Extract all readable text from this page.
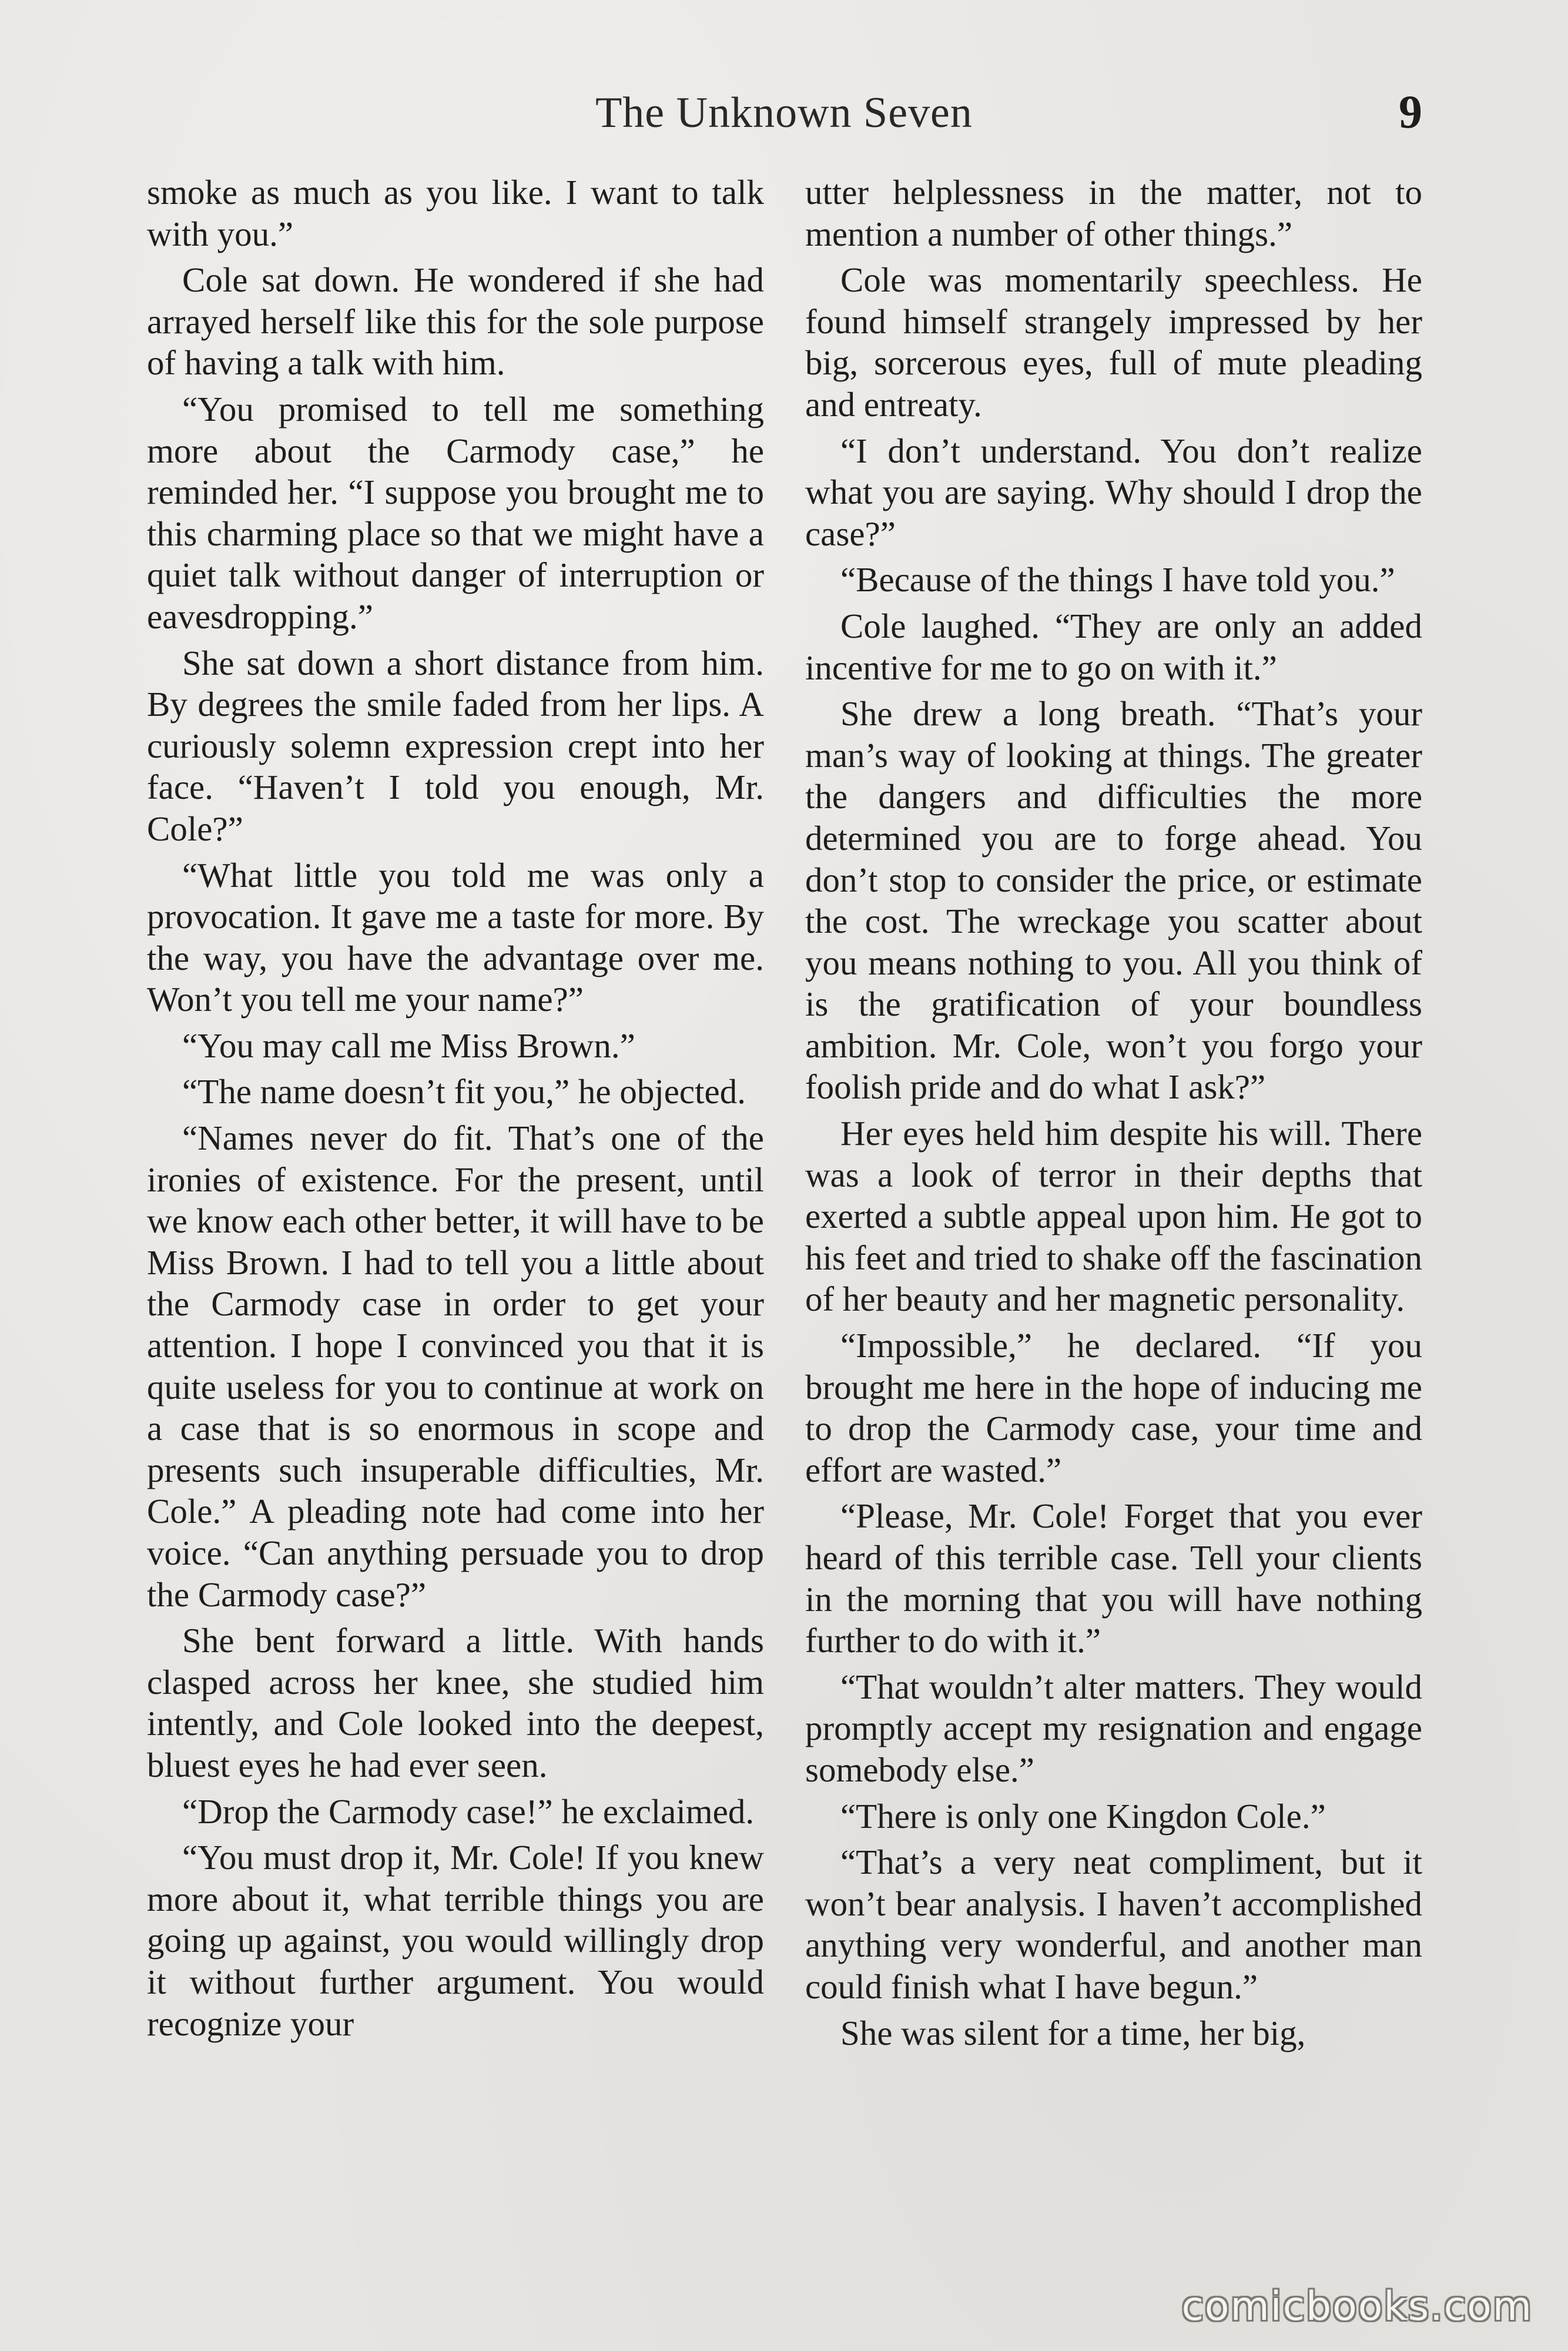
The Unknown Seven	9

smoke as much as you like. I want to talk with you.”

Cole sat down. He wondered if she had arrayed herself like this for the sole purpose of having a talk with him.

“You promised to tell me something more about the Carmody case,” he reminded her. “I suppose you brought me to this charming place so that we might have a quiet talk without danger of interruption or eavesdropping.”

She sat down a short distance from him. By degrees the smile faded from her lips. A curiously solemn expression crept into her face. “Haven’t I told you enough, Mr. Cole?”

“What little you told me was only a provocation. It gave me a taste for more. By the way, you have the advantage over me. Won’t you tell me your name?”

“You may call me Miss Brown.”

“The name doesn’t fit you,” he objected.

“Names never do fit. That’s one of the ironies of existence. For the present, until we know each other better, it will have to be Miss Brown. I had to tell you a little about the Carmody case in order to get your attention. I hope I convinced you that it is quite useless for you to continue at work on a case that is so enormous in scope and presents such insuperable difficulties, Mr. Cole.” A pleading note had come into her voice. “Can anything persuade you to drop the Carmody case?”

She bent forward a little. With hands clasped across her knee, she studied him intently, and Cole looked into the deepest, bluest eyes he had ever seen.

“Drop the Carmody case!” he exclaimed.

“You must drop it, Mr. Cole! If you knew more about it, what terrible things you are going up against, you would willingly drop it without further argument. You would recognize your

utter helplessness in the matter, not to mention a number of other things.”

Cole was momentarily speechless. He found himself strangely impressed by her big, sorcerous eyes, full of mute pleading and entreaty.

“I don’t understand. You don’t realize what you are saying. Why should I drop the case?”

“Because of the things I have told you.”

Cole laughed. “They are only an added incentive for me to go on with it.”

She drew a long breath. “That’s your man’s way of looking at things. The greater the dangers and difficulties the more determined you are to forge ahead. You don’t stop to consider the price, or estimate the cost. The wreckage you scatter about you means nothing to you. All you think of is the gratification of your boundless ambition. Mr. Cole, won’t you forgo your foolish pride and do what I ask?”

Her eyes held him despite his will. There was a look of terror in their depths that exerted a subtle appeal upon him. He got to his feet and tried to shake off the fascination of her beauty and her magnetic personality.

“Impossible,” he declared. “If you brought me here in the hope of inducing me to drop the Carmody case, your time and effort are wasted.”

“Please, Mr. Cole! Forget that you ever heard of this terrible case. Tell your clients in the morning that you will have nothing further to do with it.”

“That wouldn’t alter matters. They would promptly accept my resignation and engage somebody else.”

“There is only one Kingdon Cole.”

“That’s a very neat compliment, but it won’t bear analysis. I haven’t accomplished anything very wonderful, and another man could finish what I have begun.”

She was silent for a time, her big,

comicbooks.com
